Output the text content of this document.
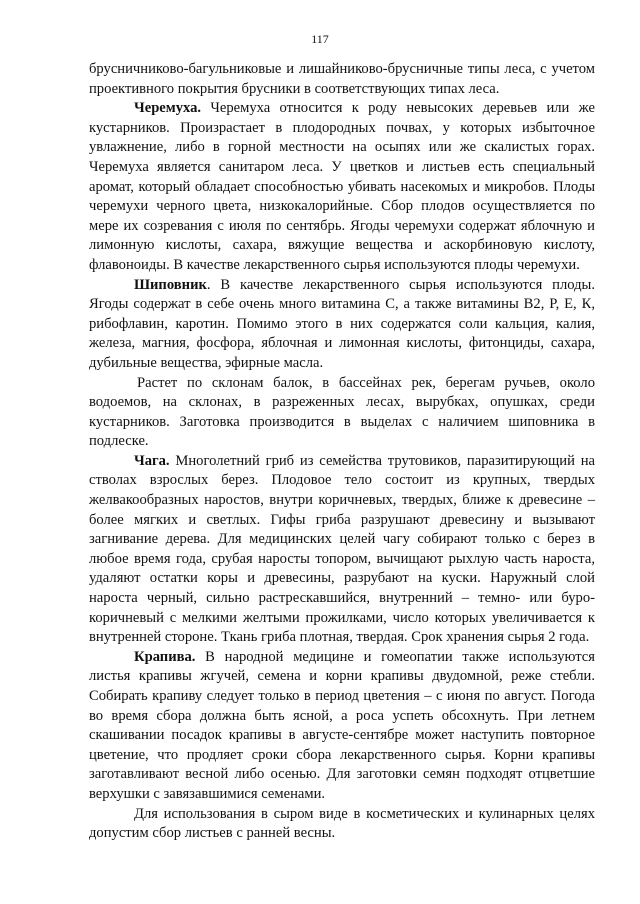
117

брусничниково-багульниковые и лишайниково-брусничные типы леса, с учетом проективного покрытия брусники в соответствующих типах леса.

Черемуха. Черемуха относится к роду невысоких деревьев или же кустарников. Произрастает в плодородных почвах, у которых избыточное увлажнение, либо в горной местности на осыпях или же скалистых горах. Черемуха является санитаром леса. У цветков и листьев есть специальный аромат, который обладает способностью убивать насекомых и микробов. Плоды черемухи черного цвета, низкокалорийные. Сбор плодов осуществляется по мере их созревания с июля по сентябрь. Ягоды черемухи содержат яблочную и лимонную кислоты, сахара, вяжущие вещества и аскорбиновую кислоту, флавоноиды. В качестве лекарственного сырья используются плоды черемухи.

Шиповник. В качестве лекарственного сырья используются плоды. Ягоды содержат в себе очень много витамина С, а также витамины В2, Р, Е, К, рибофлавин, каротин. Помимо этого в них содержатся соли кальция, калия, железа, магния, фосфора, яблочная и лимонная кислоты, фитонциды, сахара, дубильные вещества, эфирные масла.

Растет по склонам балок, в бассейнах рек, берегам ручьев, около водоемов, на склонах, в разреженных лесах, вырубках, опушках, среди кустарников. Заготовка производится в выделах с наличием шиповника в подлеске.

Чага. Многолетний гриб из семейства трутовиков, паразитирующий на стволах взрослых берез. Плодовое тело состоит из крупных, твердых желвакообразных наростов, внутри коричневых, твердых, ближе к древесине – более мягких и светлых. Гифы гриба разрушают древесину и вызывают загнивание дерева. Для медицинских целей чагу собирают только с берез в любое время года, срубая наросты топором, вычищают рыхлую часть нароста, удаляют остатки коры и древесины, разрубают на куски. Наружный слой нароста черный, сильно растрескавшийся, внутренний – темно- или буро-коричневый с мелкими желтыми прожилками, число которых увеличивается к внутренней стороне. Ткань гриба плотная, твердая. Срок хранения сырья 2 года.

Крапива. В народной медицине и гомеопатии также используются листья крапивы жгучей, семена и корни крапивы двудомной, реже стебли. Собирать крапиву следует только в период цветения – с июня по август. Погода во время сбора должна быть ясной, а роса успеть обсохнуть. При летнем скашивании посадок крапивы в августе-сентябре может наступить повторное цветение, что продляет сроки сбора лекарственного сырья. Корни крапивы заготавливают весной либо осенью. Для заготовки семян подходят отцветшие верхушки с завязавшимися семенами.

Для использования в сыром виде в косметических и кулинарных целях допустим сбор листьев с ранней весны.
